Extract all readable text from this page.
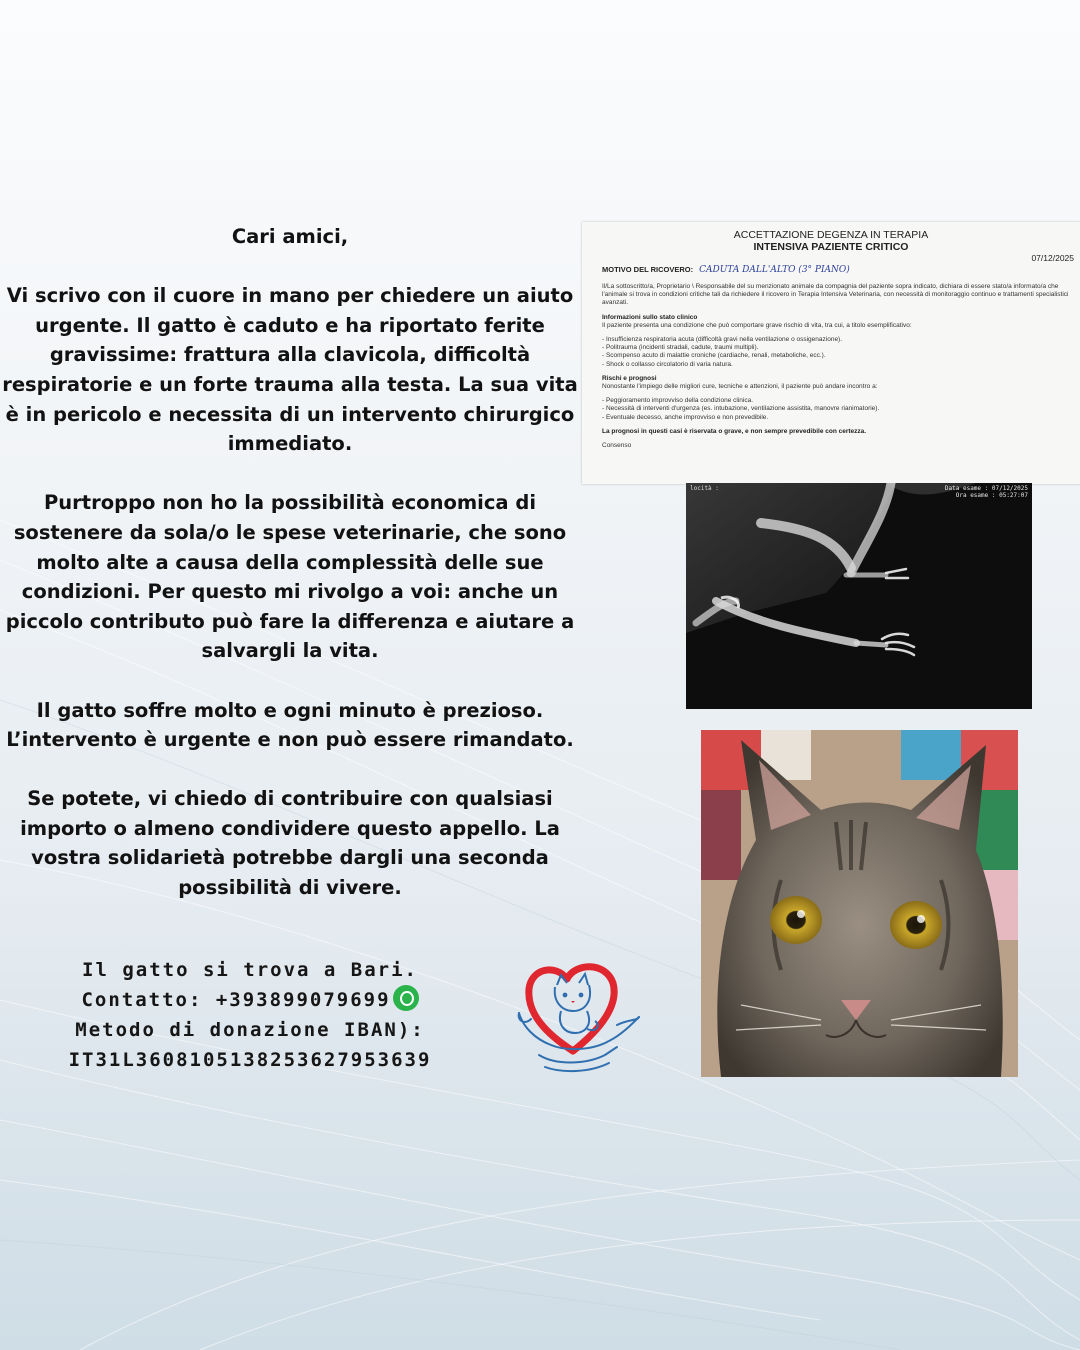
Cari amici,

Vi scrivo con il cuore in mano per chiedere un aiuto urgente. Il gatto è caduto e ha riportato ferite gravissime: frattura alla clavicola, difficoltà respiratorie e un forte trauma alla testa. La sua vita è in pericolo e necessita di un intervento chirurgico immediato.

Purtroppo non ho la possibilità economica di sostenere da sola/o le spese veterinarie, che sono molto alte a causa della complessità delle sue condizioni. Per questo mi rivolgo a voi: anche un piccolo contributo può fare la differenza e aiutare a salvargli la vita.

Il gatto soffre molto e ogni minuto è prezioso. L’intervento è urgente e non può essere rimandato.

Se potete, vi chiedo di contribuire con qualsiasi importo o almeno condividere questo appello. La vostra solidarietà potrebbe dargli una seconda possibilità di vivere.

Il gatto si trova a Bari.
Contatto: +393899079699
Metodo di donazione IBAN):
IT31L3608105138253627953639
ACCETTAZIONE DEGENZA IN TERAPIA
INTENSIVA PAZIENTE CRITICO
07/12/2025
MOTIVO DEL RICOVERO: CADUTA DALL'ALTO (3° PIANO)
Il/La sottoscritto/a, Proprietario \ Responsabile del su menzionato animale da compagnia del paziente sopra indicato, dichiara di essere stato/a informato/a che l'animale si trova in condizioni critiche tali da richiedere il ricovero in Terapia Intensiva Veterinaria, con necessità di monitoraggio continuo e trattamenti specialistici avanzati.
Informazioni sullo stato clinico
Il paziente presenta una condizione che può comportare grave rischio di vita, tra cui, a titolo esemplificativo:
- Insufficienza respiratoria acuta (difficoltà gravi nella ventilazione o ossigenazione).
- Politrauma (incidenti stradali, cadute, traumi multipli).
- Scompenso acuto di malattie croniche (cardiache, renali, metaboliche, ecc.).
- Shock o collasso circolatorio di varia natura.
Rischi e prognosi
Nonostante l'impiego delle migliori cure, tecniche e attenzioni, il paziente può andare incontro a:
- Peggioramento improvviso della condizione clinica.
- Necessità di interventi d'urgenza (es. intubazione, ventilazione assistita, manovre rianimatorie).
- Eventuale decesso, anche improvviso e non prevedibile.
La prognosi in questi casi è riservata o grave, e non sempre prevedibile con certezza.
Consenso
locità :	Data esame : 07/12/2025
Ora esame : 05:27:07
